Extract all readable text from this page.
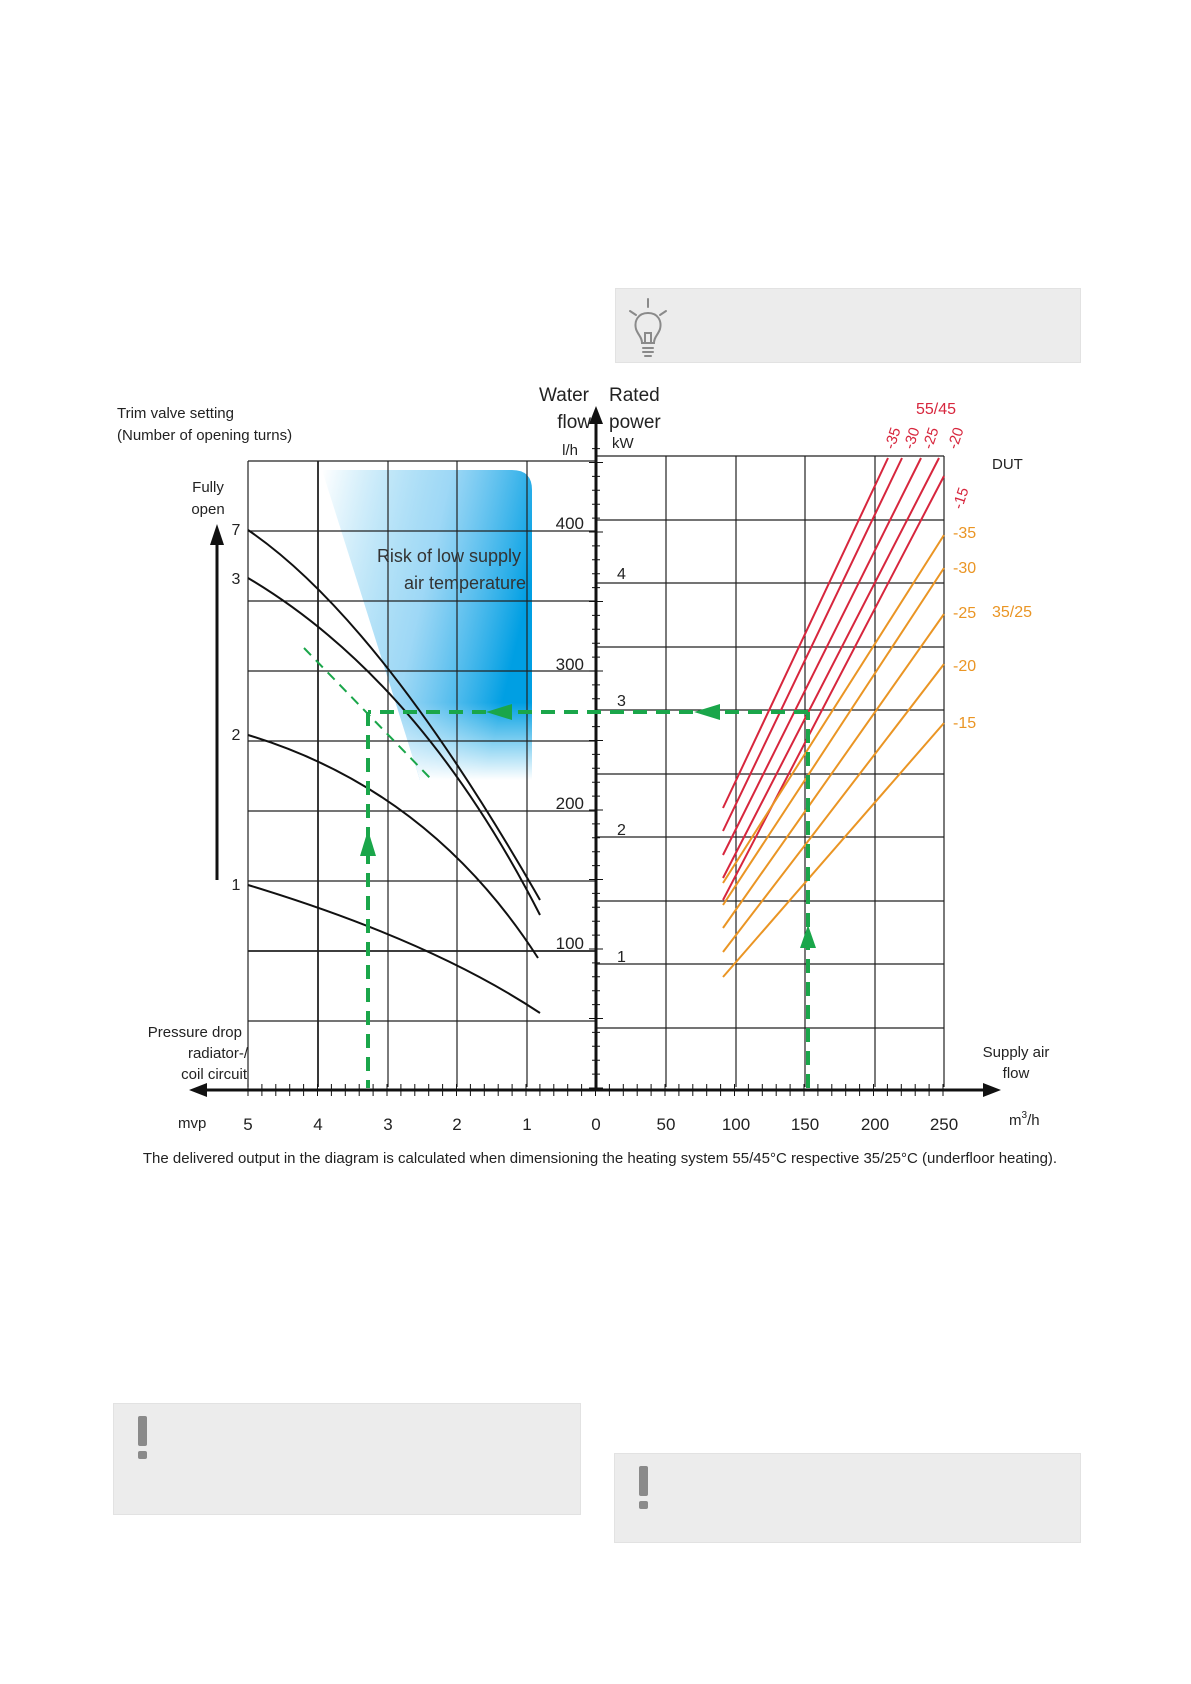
Trim valve setting
(Number of opening turns)
Fully
open
7
3
2
1
Water
flow
l/h
Rated
power
kW
400
300
200
100
4
3
2
1
Risk of low supply
air temperature
Pressure drop
radiator-/
coil circuit
mvp 5	4	3	2	1	0	50	100 150 200 250	$m^3/h$
Supply air
flow
DUT
55/45
35/25
-35
-30
-25 -20
-15
-35
-30
-25
-20
-15
The delivered output in the diagram is calculated when dimensioning the heating system 55/45°C respective 35/25°C (underfloor heating).
